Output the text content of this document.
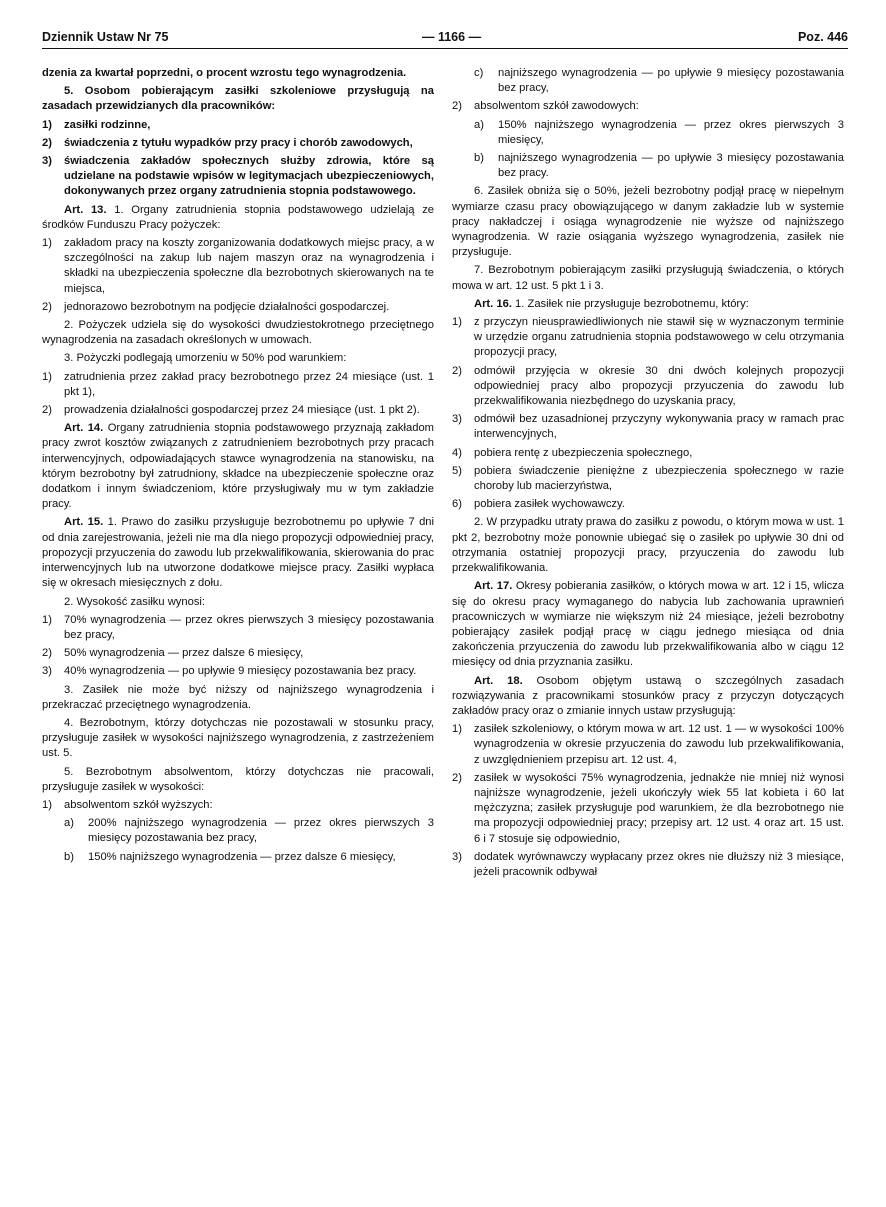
Dziennik Ustaw Nr 75	— 1166 —	Poz. 446

dzenia za kwartał poprzedni, o procent wzrostu tego wynagrodzenia.

5. Osobom pobierającym zasiłki szkoleniowe przysługują na zasadach przewidzianych dla pracowników:

1) zasiłki rodzinne,

2) świadczenia z tytułu wypadków przy pracy i chorób zawodowych,

3) świadczenia zakładów społecznych służby zdrowia, które są udzielane na podstawie wpisów w legitymacjach ubezpieczeniowych, dokonywanych przez organy zatrudnienia stopnia podstawowego.

Art. 13. 1. Organy zatrudnienia stopnia podstawowego udzielają ze środków Funduszu Pracy pożyczek:

1) zakładom pracy na koszty zorganizowania dodatkowych miejsc pracy, a w szczególności na zakup lub najem maszyn oraz na wynagrodzenia i składki na ubezpieczenia społeczne dla bezrobotnych skierowanych na te miejsca,

2) jednorazowo bezrobotnym na podjęcie działalności gospodarczej.

2. Pożyczek udziela się do wysokości dwudziestokrotnego przeciętnego wynagrodzenia na zasadach określonych w umowach.

3. Pożyczki podlegają umorzeniu w 50% pod warunkiem:

1) zatrudnienia przez zakład pracy bezrobotnego przez 24 miesiące (ust. 1 pkt 1),

2) prowadzenia działalności gospodarczej przez 24 miesiące (ust. 1 pkt 2).

Art. 14. Organy zatrudnienia stopnia podstawowego przyznają zakładom pracy zwrot kosztów związanych z zatrudnieniem bezrobotnych przy pracach interwencyjnych, odpowiadających stawce wynagrodzenia na stanowisku, na którym bezrobotny był zatrudniony, składce na ubezpieczenie społeczne oraz dodatkom i innym świadczeniom, które przysługiwały mu w tym zakładzie pracy.

Art. 15. 1. Prawo do zasiłku przysługuje bezrobotnemu po upływie 7 dni od dnia zarejestrowania, jeżeli nie ma dla niego propozycji odpowiedniej pracy, propozycji przyuczenia do zawodu lub przekwalifikowania, skierowania do prac interwencyjnych lub na utworzone dodatkowe miejsce pracy. Zasiłki wypłaca się w okresach miesięcznych z dołu.

2. Wysokość zasiłku wynosi:

1) 70% wynagrodzenia — przez okres pierwszych 3 miesięcy pozostawania bez pracy,

2) 50% wynagrodzenia — przez dalsze 6 miesięcy,

3) 40% wynagrodzenia — po upływie 9 miesięcy pozostawania bez pracy.

3. Zasiłek nie może być niższy od najniższego wynagrodzenia i przekraczać przeciętnego wynagrodzenia.

4. Bezrobotnym, którzy dotychczas nie pozostawali w stosunku pracy, przysługuje zasiłek w wysokości najniższego wynagrodzenia, z zastrzeżeniem ust. 5.

5. Bezrobotnym absolwentom, którzy dotychczas nie pracowali, przysługuje zasiłek w wysokości:

1) absolwentom szkół wyższych:

a) 200% najniższego wynagrodzenia — przez okres pierwszych 3 miesięcy pozostawania bez pracy,

b) 150% najniższego wynagrodzenia — przez dalsze 6 miesięcy,

c) najniższego wynagrodzenia — po upływie 9 miesięcy pozostawania bez pracy,

2) absolwentom szkół zawodowych:

a) 150% najniższego wynagrodzenia — przez okres pierwszych 3 miesięcy,

b) najniższego wynagrodzenia — po upływie 3 miesięcy pozostawania bez pracy.

6. Zasiłek obniża się o 50%, jeżeli bezrobotny podjął pracę w niepełnym wymiarze czasu pracy obowiązującego w danym zakładzie lub w systemie pracy nakładczej i osiąga wynagrodzenie nie wyższe od najniższego wynagrodzenia. W razie osiągania wyższego wynagrodzenia, zasiłek nie przysługuje.

7. Bezrobotnym pobierającym zasiłki przysługują świadczenia, o których mowa w art. 12 ust. 5 pkt 1 i 3.

Art. 16. 1. Zasiłek nie przysługuje bezrobotnemu, który:

1) z przyczyn nieusprawiedliwionych nie stawił się w wyznaczonym terminie w urzędzie organu zatrudnienia stopnia podstawowego w celu otrzymania propozycji pracy,

2) odmówił przyjęcia w okresie 30 dni dwóch kolejnych propozycji odpowiedniej pracy albo propozycji przyuczenia do zawodu lub przekwalifikowania niezbędnego do uzyskania pracy,

3) odmówił bez uzasadnionej przyczyny wykonywania pracy w ramach prac interwencyjnych,

4) pobiera rentę z ubezpieczenia społecznego,

5) pobiera świadczenie pieniężne z ubezpieczenia społecznego w razie choroby lub macierzyństwa,

6) pobiera zasiłek wychowawczy.

2. W przypadku utraty prawa do zasiłku z powodu, o którym mowa w ust. 1 pkt 2, bezrobotny może ponownie ubiegać się o zasiłek po upływie 30 dni od otrzymania ostatniej propozycji pracy, przyuczenia do zawodu lub przekwalifikowania.

Art. 17. Okresy pobierania zasiłków, o których mowa w art. 12 i 15, wlicza się do okresu pracy wymaganego do nabycia lub zachowania uprawnień pracowniczych w wymiarze nie większym niż 24 miesiące, jeżeli bezrobotny pobierający zasiłek podjął pracę w ciągu jednego miesiąca od dnia zakończenia przyuczenia do zawodu lub przekwalifikowania albo w ciągu 12 miesięcy od dnia przyznania zasiłku.

Art. 18. Osobom objętym ustawą o szczególnych zasadach rozwiązywania z pracownikami stosunków pracy z przyczyn dotyczących zakładów pracy oraz o zmianie innych ustaw przysługują:

1) zasiłek szkoleniowy, o którym mowa w art. 12 ust. 1 — w wysokości 100% wynagrodzenia w okresie przyuczenia do zawodu lub przekwalifikowania, z uwzględnieniem przepisu art. 12 ust. 4,

2) zasiłek w wysokości 75% wynagrodzenia, jednakże nie mniej niż wynosi najniższe wynagrodzenie, jeżeli ukończyły wiek 55 lat kobieta i 60 lat mężczyzna; zasiłek przysługuje pod warunkiem, że dla bezrobotnego nie ma propozycji odpowiedniej pracy; przepisy art. 12 ust. 4 oraz art. 15 ust. 6 i 7 stosuje się odpowiednio,

3) dodatek wyrównawczy wypłacany przez okres nie dłuższy niż 3 miesiące, jeżeli pracownik odbywał
